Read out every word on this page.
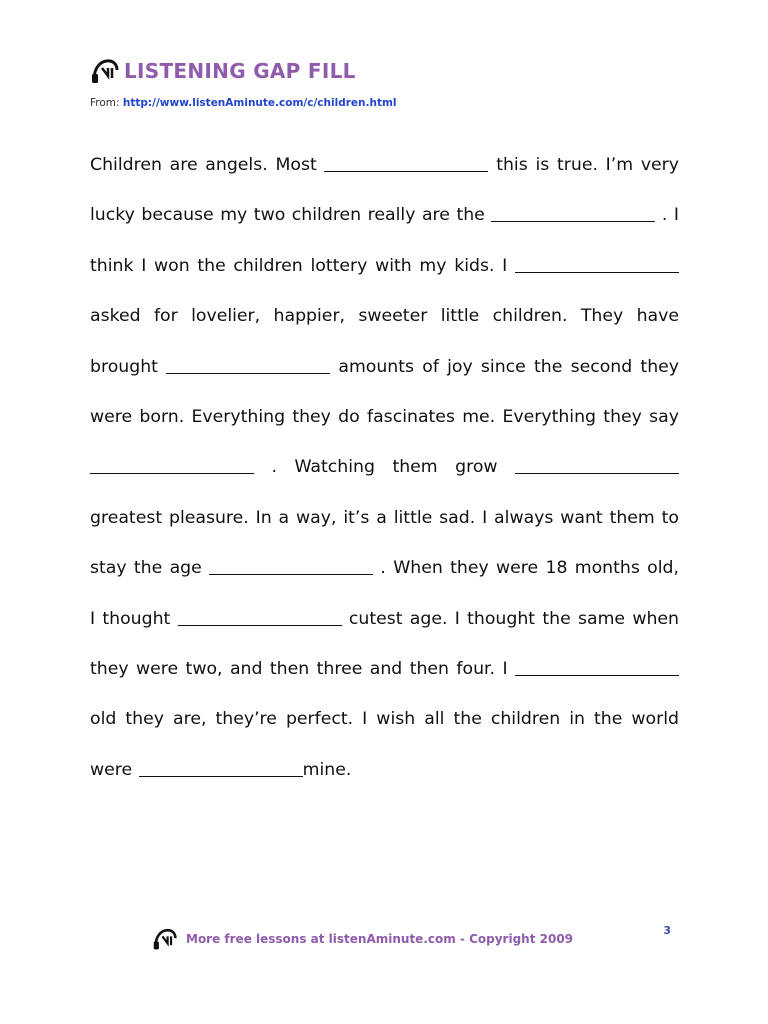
LISTENING GAP FILL
From: http://www.listenAminute.com/c/children.html
Children are angels. Most	this is true. I’m very lucky because my two children really are the	. I think I won the children lottery with my kids. I  asked for lovelier, happier, sweeter little children. They have brought	amounts of joy since the second they were born. Everything they do fascinates me. Everything they say  . Watching them grow  greatest pleasure. In a way, it’s a little sad. I always want them to stay the age	. When they were 18 months old, I thought	cutest age. I thought the same when they were two, and then three and then four. I  old they are, they’re perfect. I wish all the children in the world were	mine.
3
More free lessons at listenAminute.com - Copyright 2009
